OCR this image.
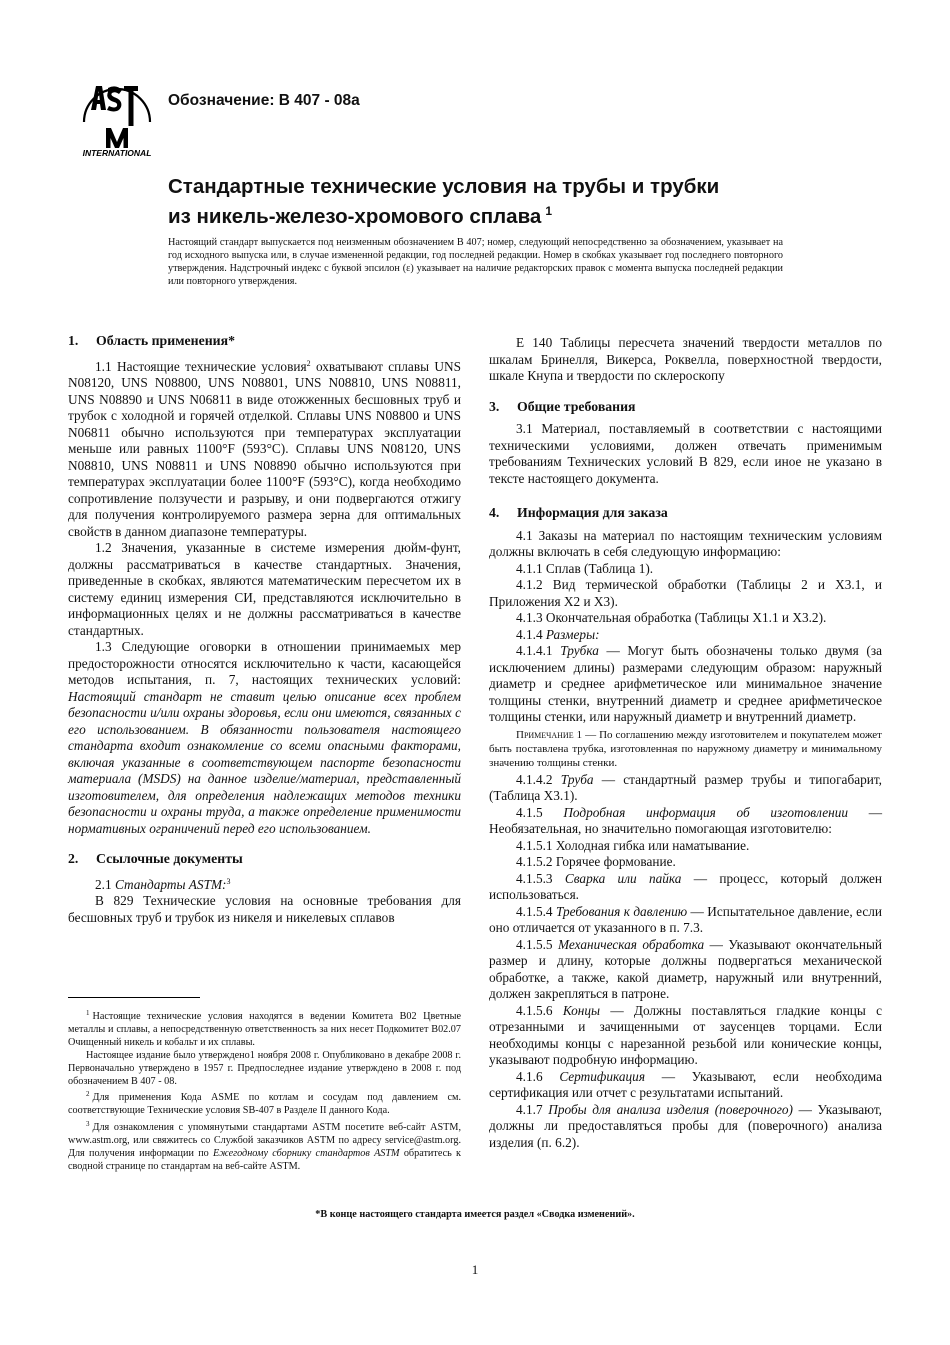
INTERNATIONAL
Обозначение: B 407 - 08a
Стандартные технические условия на трубы и трубки
из никель-железо-хромового сплава $^1$
Настоящий стандарт выпускается под неизменным обозначением B 407; номер, следующий непосредственно за обозначением, указывает на год исходного выпуска или, в случае измененной редакции, год последней редакции. Номер в скобках указывает год последнего повторного утверждения. Надстрочный индекс с буквой эпсилон (ε) указывает на наличие редакторских правок с момента выпуска последней редакции или повторного утверждения.
1. Область применения*

1.1 Настоящие технические условия$^2$ охватывают сплавы UNS N08120, UNS N08800, UNS N08801, UNS N08810, UNS N08811, UNS N08890 и UNS N06811 в виде отожженных бесшовных труб и трубок с холодной и горячей отделкой. Сплавы UNS N08800 и UNS N06811 обычно используются при температурах эксплуатации меньше или равных 1100°F (593°C). Сплавы UNS N08120, UNS N08810, UNS N08811 и UNS N08890 обычно используются при температурах эксплуатации более 1100°F (593°C), когда необходимо сопротивление ползучести и разрыву, и они подвергаются отжигу для получения контролируемого размера зерна для оптимальных свойств в данном диапазоне температуры.

1.2 Значения, указанные в системе измерения дюйм-фунт, должны рассматриваться в качестве стандартных. Значения, приведенные в скобках, являются математическим пересчетом их в систему единиц измерения СИ, представляются исключительно в информационных целях и не должны рассматриваться в качестве стандартных.

1.3 Следующие оговорки в отношении принимаемых мер предосторожности относятся исключительно к части, касающейся методов испытания, п. 7, настоящих технических условий: Настоящий стандарт не ставит целью описание всех проблем безопасности и/или охраны здоровья, если они имеются, связанных с его использованием. В обязанности пользователя настоящего стандарта входит ознакомление со всеми опасными факторами, включая указанные в соответствующем паспорте безопасности материала (MSDS) на данное изделие/материал, представленный изготовителем, для определения надлежащих методов техники безопасности и охраны труда, а также определение применимости нормативных ограничений перед его использованием.

2. Ссылочные документы

2.1 Стандарты ASTM:$^3$

B 829 Технические условия на основные требования для бесшовных труб и трубок из никеля и никелевых сплавов

E 140 Таблицы пересчета значений твердости металлов по шкалам Бринелля, Викерса, Роквелла, поверхностной твердости, шкале Кнупа и твердости по склероскопу

3. Общие требования

3.1 Материал, поставляемый в соответствии с настоящими техническими условиями, должен отвечать применимым требованиям Технических условий B 829, если иное не указано в тексте настоящего документа.

4. Информация для заказа

4.1 Заказы на материал по настоящим техническим условиям должны включать в себя следующую информацию:

4.1.1 Сплав (Таблица 1).

4.1.2 Вид термической обработки (Таблицы 2 и X3.1, и Приложения X2 и X3).

4.1.3 Окончательная обработка (Таблицы X1.1 и X3.2).

4.1.4 Размеры:

4.1.4.1 Трубка — Могут быть обозначены только двумя (за исключением длины) размерами следующим образом: наружный диаметр и среднее арифметическое или минимальное значение толщины стенки, внутренний диаметр и среднее арифметическое толщины стенки, или наружный диаметр и внутренний диаметр.

Примечание 1 — По соглашению между изготовителем и покупателем может быть поставлена трубка, изготовленная по наружному диаметру и минимальному значению толщины стенки.

4.1.4.2 Труба — стандартный размер трубы и типогабарит, (Таблица X3.1).

4.1.5 Подробная информация об изготовлении — Необязательная, но значительно помогающая изготовителю:

4.1.5.1 Холодная гибка или наматывание.

4.1.5.2 Горячее формование.

4.1.5.3 Сварка или пайка — процесс, который должен использоваться.

4.1.5.4 Требования к давлению — Испытательное давление, если оно отличается от указанного в п. 7.3.

4.1.5.5 Механическая обработка — Указывают окончательный размер и длину, которые должны подвергаться механической обработке, а также, какой диаметр, наружный или внутренний, должен закрепляться в патроне.

4.1.5.6 Концы — Должны поставляться гладкие концы с отрезанными и зачищенными от заусенцев торцами. Если необходимы концы с нарезанной резьбой или конические концы, указывают подробную информацию.

4.1.6 Сертификация — Указывают, если необходима сертификация или отчет с результатами испытаний.

4.1.7 Пробы для анализа изделия (поверочного) — Указывают, должны ли предоставляться пробы для (поверочного) анализа изделия (п. 6.2).

$^1$ Настоящие технические условия находятся в ведении Комитета B02 Цветные металлы и сплавы, а непосредственную ответственность за них несет Подкомитет B02.07 Очищенный никель и кобальт и их сплавы.

Настоящее издание было утверждено1 ноября 2008 г. Опубликовано в декабре 2008 г. Первоначально утверждено в 1957 г. Предпоследнее издание утверждено в 2008 г. под обозначением B 407 - 08.

$^2$ Для применения Кода ASME по котлам и сосудам под давлением см. соответствующие Технические условия SB-407 в Разделе II данного Кода.

$^3$ Для ознакомления с упомянутыми стандартами ASTM посетите веб-сайт ASTM, www.astm.org, или свяжитесь со Службой заказчиков ASTM по адресу service@astm.org. Для получения информации по Ежегодному сборнику стандартов ASTM обратитесь к сводной странице по стандартам на веб-сайте ASTM.

*В конце настоящего стандарта имеется раздел «Сводка изменений».
1
